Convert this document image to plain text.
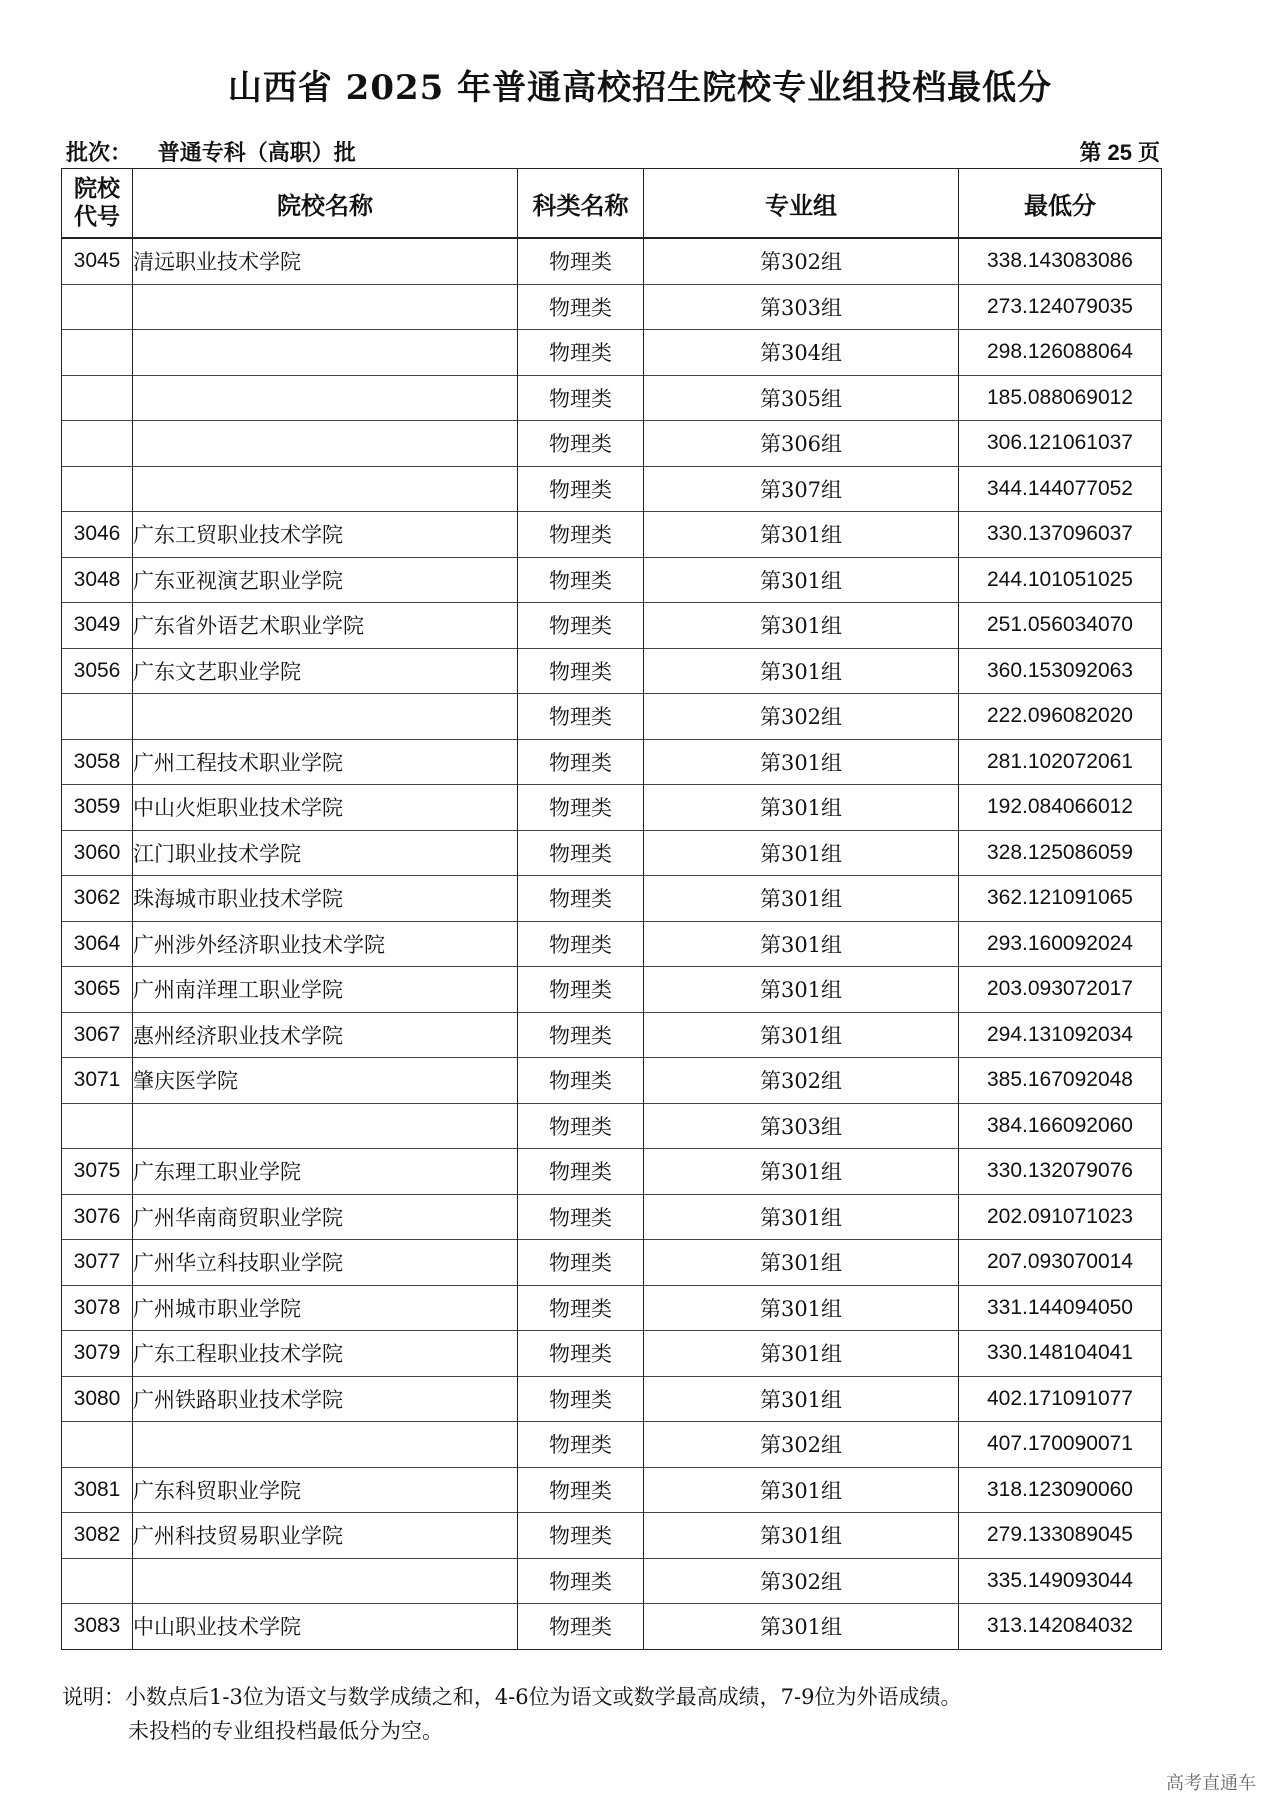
山西省 2025 年普通高校招生院校专业组投档最低分
批次： 普通专科（高职）批	第 25 页
院校
代号	院校名称	科类名称	专业组	最低分
3045	清远职业技术学院	物理类	第302组	338.143083086
		物理类	第303组	273.124079035
		物理类	第304组	298.126088064
		物理类	第305组	185.088069012
		物理类	第306组	306.121061037
		物理类	第307组	344.144077052
3046	广东工贸职业技术学院	物理类	第301组	330.137096037
3048	广东亚视演艺职业学院	物理类	第301组	244.101051025
3049	广东省外语艺术职业学院	物理类	第301组	251.056034070
3056	广东文艺职业学院	物理类	第301组	360.153092063
		物理类	第302组	222.096082020
3058	广州工程技术职业学院	物理类	第301组	281.102072061
3059	中山火炬职业技术学院	物理类	第301组	192.084066012
3060	江门职业技术学院	物理类	第301组	328.125086059
3062	珠海城市职业技术学院	物理类	第301组	362.121091065
3064	广州涉外经济职业技术学院	物理类	第301组	293.160092024
3065	广州南洋理工职业学院	物理类	第301组	203.093072017
3067	惠州经济职业技术学院	物理类	第301组	294.131092034
3071	肇庆医学院	物理类	第302组	385.167092048
		物理类	第303组	384.166092060
3075	广东理工职业学院	物理类	第301组	330.132079076
3076	广州华南商贸职业学院	物理类	第301组	202.091071023
3077	广州华立科技职业学院	物理类	第301组	207.093070014
3078	广州城市职业学院	物理类	第301组	331.144094050
3079	广东工程职业技术学院	物理类	第301组	330.148104041
3080	广州铁路职业技术学院	物理类	第301组	402.171091077
		物理类	第302组	407.170090071
3081	广东科贸职业学院	物理类	第301组	318.123090060
3082	广州科技贸易职业学院	物理类	第301组	279.133089045
		物理类	第302组	335.149093044
3083	中山职业技术学院	物理类	第301组	313.142084032
说明：小数点后1-3位为语文与数学成绩之和，4-6位为语文或数学最高成绩，7-9位为外语成绩。
未投档的专业组投档最低分为空。
高考直通车
